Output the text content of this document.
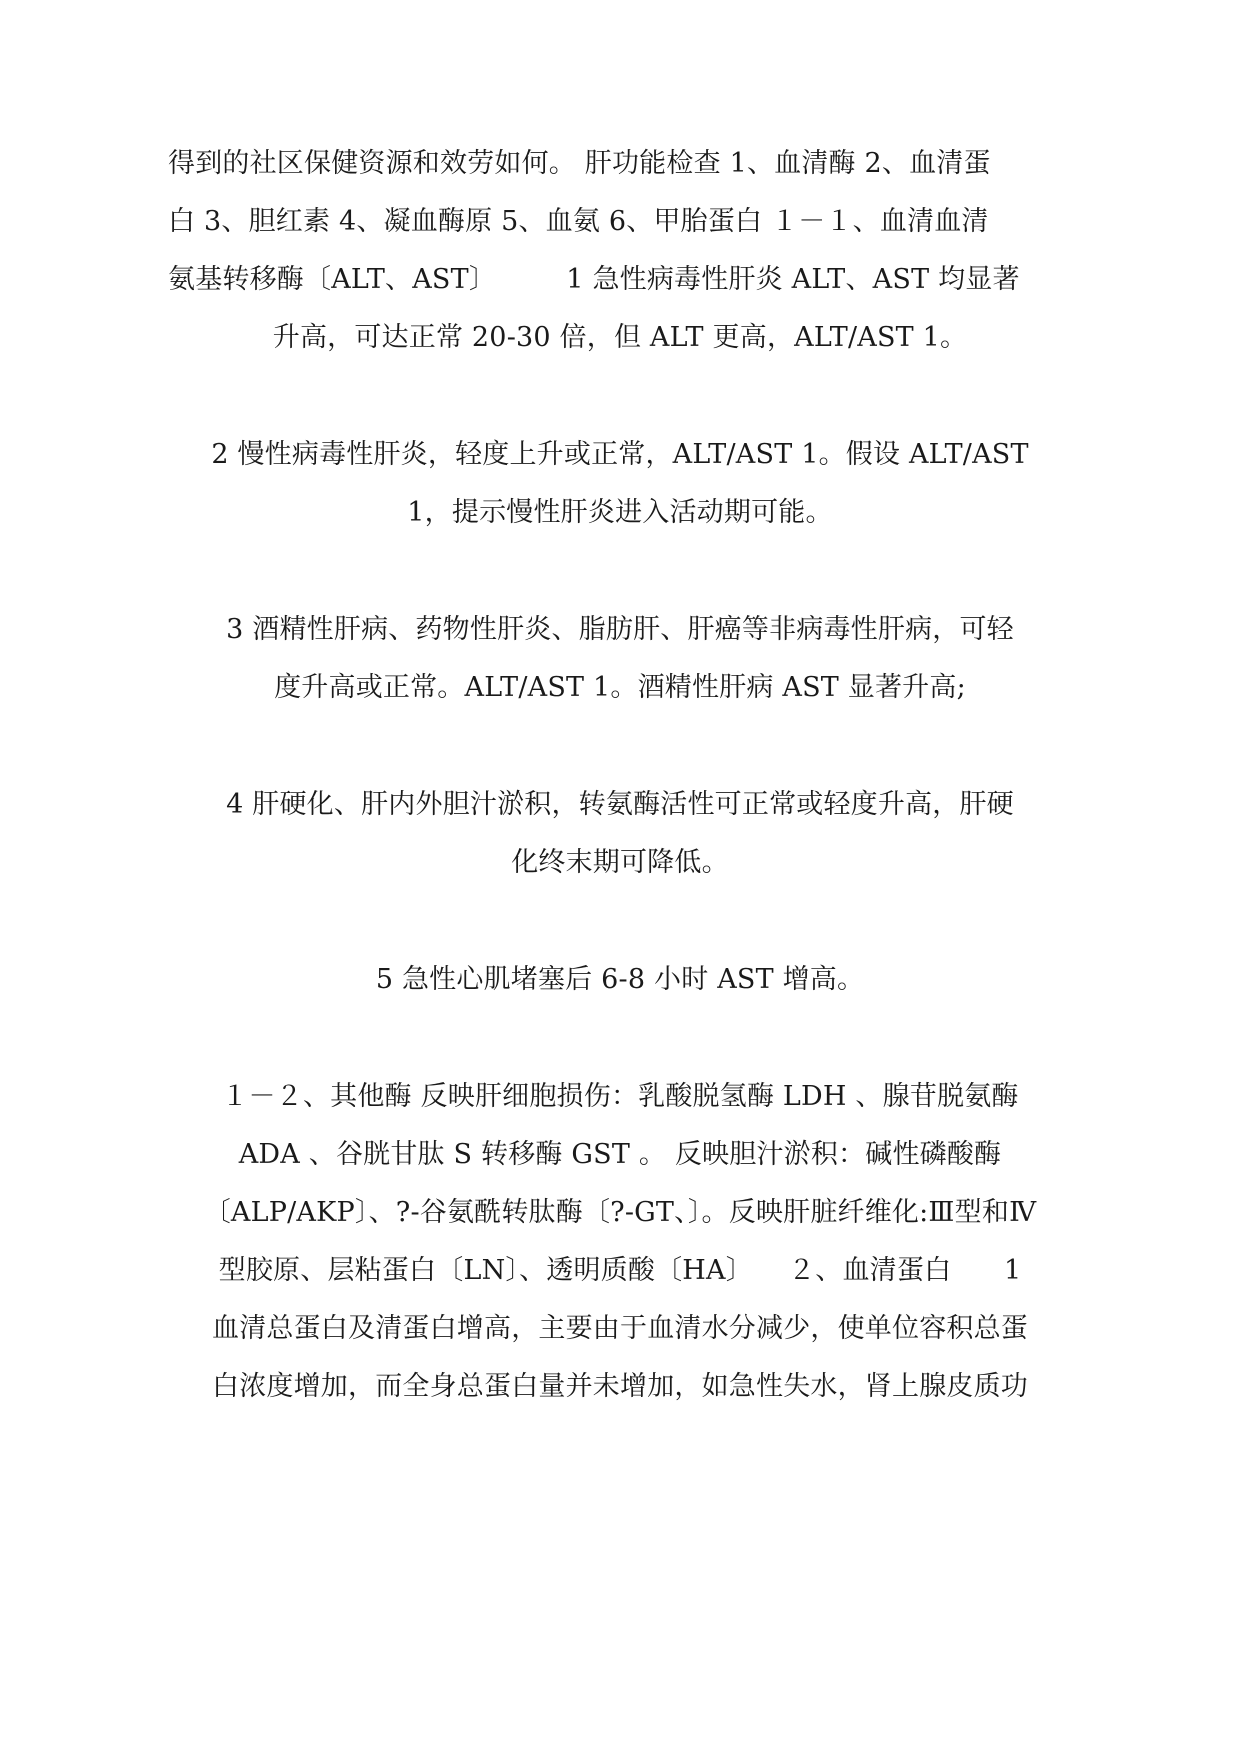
得到的社区保健资源和效劳如何。 肝功能检查 1、血清酶 2、血清蛋
白 3、胆红素 4、凝血酶原 5、血氨 6、甲胎蛋白 １－１、血清血清
氨基转移酶〔ALT、AST〕        1 急性病毒性肝炎 ALT、AST 均显著
升高，可达正常 20-30 倍，但 ALT 更高，ALT/AST 1。
2 慢性病毒性肝炎，轻度上升或正常，ALT/AST 1。假设 ALT/AST
1，提示慢性肝炎进入活动期可能。
3 酒精性肝病、药物性肝炎、脂肪肝、肝癌等非病毒性肝病，可轻
度升高或正常。ALT/AST 1。酒精性肝病 AST 显著升高;
4 肝硬化、肝内外胆汁淤积，转氨酶活性可正常或轻度升高，肝硬
化终末期可降低。
5 急性心肌堵塞后 6-8 小时 AST 增高。
１－２、其他酶 反映肝细胞损伤：乳酸脱氢酶 LDH 、腺苷脱氨酶
ADA 、谷胱甘肽 S 转移酶 GST 。 反映胆汁淤积：碱性磷酸酶
〔ALP/AKP〕、?-谷氨酰转肽酶〔?-GT、〕。反映肝脏纤维化:Ⅲ型和Ⅳ
型胶原、层粘蛋白〔LN〕、透明质酸〔HA〕    ２、血清蛋白      1
血清总蛋白及清蛋白增高，主要由于血清水分减少，使单位容积总蛋
白浓度增加，而全身总蛋白量并未增加，如急性失水，肾上腺皮质功
